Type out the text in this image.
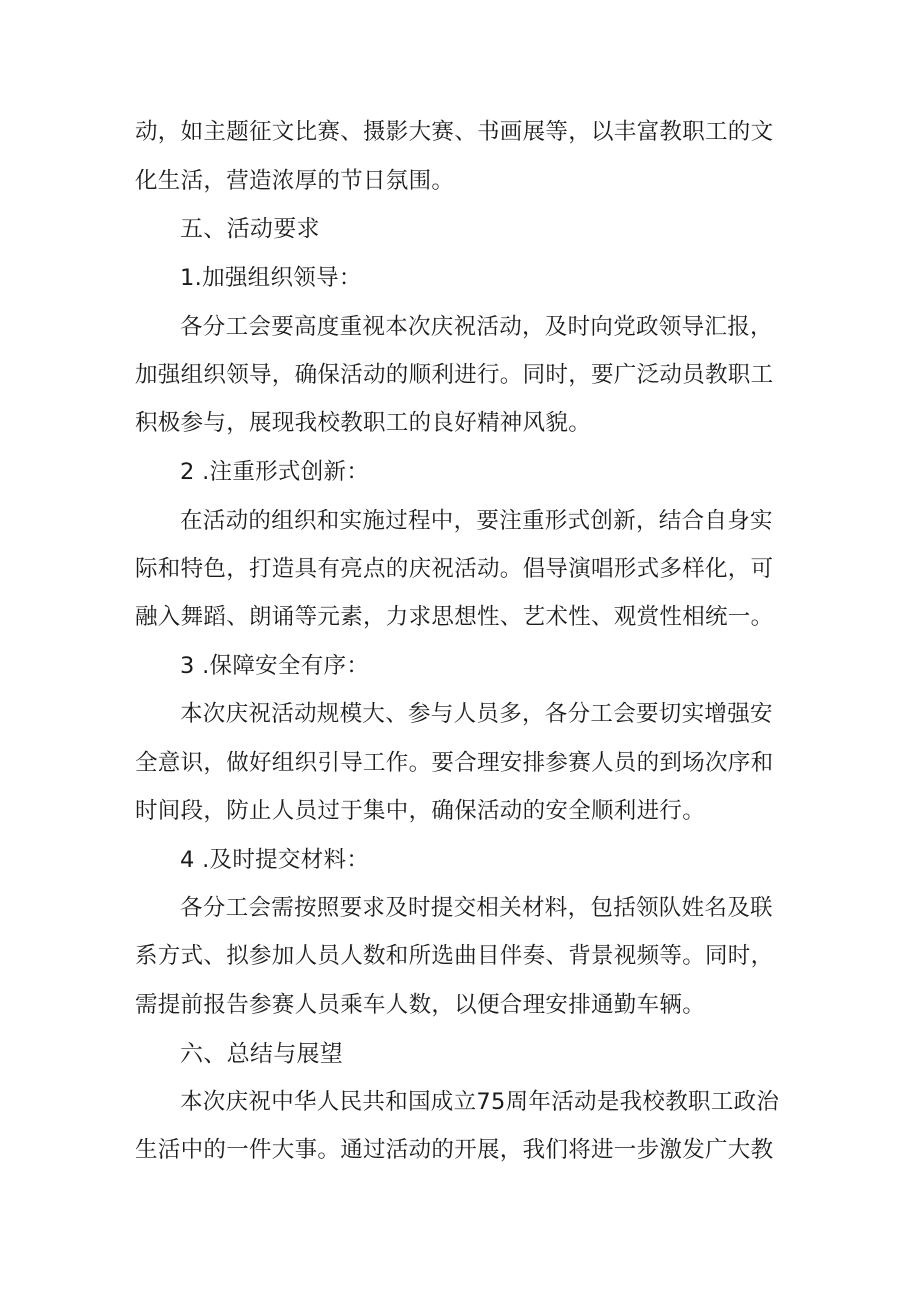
动，如主题征文比赛、摄影大赛、书画展等，以丰富教职工的文
化生活，营造浓厚的节日氛围。
五、活动要求
1.加强组织领导：
各分工会要高度重视本次庆祝活动，及时向党政领导汇报，
加强组织领导，确保活动的顺利进行。同时，要广泛动员教职工
积极参与，展现我校教职工的良好精神风貌。
2 .注重形式创新：
在活动的组织和实施过程中，要注重形式创新，结合自身实
际和特色，打造具有亮点的庆祝活动。倡导演唱形式多样化，可
融入舞蹈、朗诵等元素，力求思想性、艺术性、观赏性相统一。
3 .保障安全有序：
本次庆祝活动规模大、参与人员多，各分工会要切实增强安
全意识，做好组织引导工作。要合理安排参赛人员的到场次序和
时间段，防止人员过于集中，确保活动的安全顺利进行。
4 .及时提交材料：
各分工会需按照要求及时提交相关材料，包括领队姓名及联
系方式、拟参加人员人数和所选曲目伴奏、背景视频等。同时，
需提前报告参赛人员乘车人数，以便合理安排通勤车辆。
六、总结与展望
本次庆祝中华人民共和国成立75周年活动是我校教职工政治
生活中的一件大事。通过活动的开展，我们将进一步激发广大教
